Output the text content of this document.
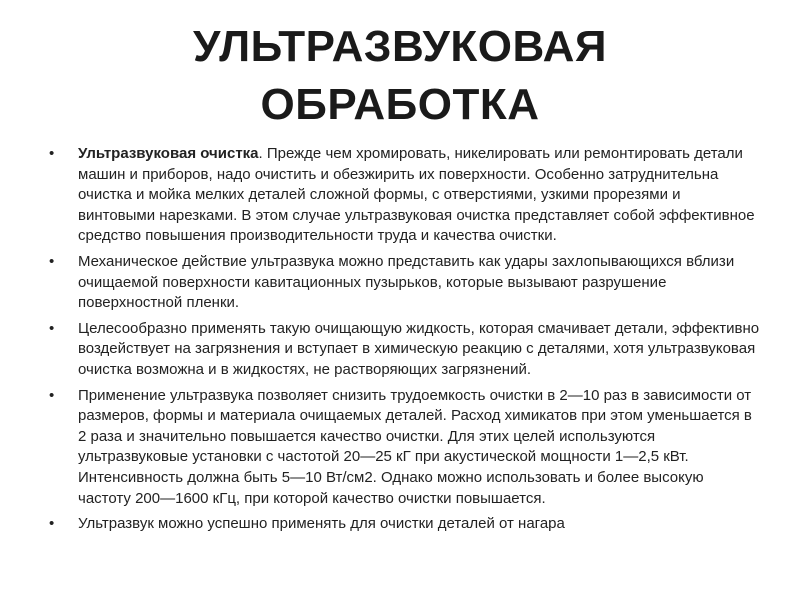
УЛЬТРАЗВУКОВАЯ
ОБРАБОТКА
•	Ультразвуковая очистка. Прежде чем хромировать, никелировать или ремонтировать детали машин и приборов, надо очистить и обезжирить их поверхности. Особенно затруднительна очистка и мойка мелких деталей сложной формы, с отверстиями, узкими прорезями и винтовыми нарезками. В этом случае ультразвуковая очистка представляет собой эффективное средство повышения производительности труда и качества очистки.
•	Механическое действие ультразвука можно представить как удары захлопывающихся вблизи очищаемой поверхности кавитационных пузырьков, которые вызывают разрушение поверхностной пленки.
•	Целесообразно применять такую очищающую жидкость, которая смачивает детали, эффективно воздействует на загрязнения и вступает в химическую реакцию с деталями, хотя ультразвуковая очистка возможна и в жидкостях, не растворяющих загрязнений.
•	Применение ультразвука позволяет снизить трудоемкость очистки в 2—10 раз в зависимости от размеров, формы и материала очищаемых деталей. Расход химикатов при этом уменьшается в 2 раза и значительно повышается качество очистки. Для этих целей используются ультразвуковые установки с частотой 20—25 кГ при акустической мощности 1—2,5 кВт. Интенсивность должна быть 5—10 Вт/см2. Однако можно использовать и более высокую частоту 200—1600 кГц, при которой качество очистки повышается.
•	Ультразвук можно успешно применять для очистки деталей от нагара
